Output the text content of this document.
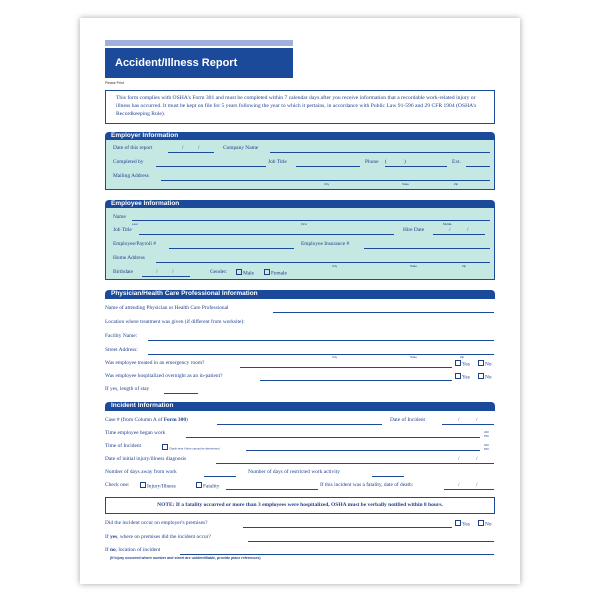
Accident/Illness Report
Please Print
This form complies with OSHA's Form 301 and must be completed within 7 calendar days after you receive information that a recordable work-related injury or illness has occurred. It must be kept on file for 5 years following the year to which it pertains, in accordance with Public Law 91-596 and 29 CFR 1904 (OSHA's Recordkeeping Rule).
Employer Information
Date of this report	/	/	Company Name
Completed by	Job Title	Phone (	)	Ext.
Mailing Address
City	State	Zip
Employee Information
Name
Last	First	Middle
Job Title	Hire Date	/	/
Employee/Payroll #	Employee Insurance #
Home Address
City	State	Zip
Birthdate	/	/	Gender:	Male	Female
Physician/Health Care Professional Information
Name of attending Physician or Health Care Professional
Location where treatment was given (if different from worksite):
Facility Name:
Street Address:
City	State	Zip
Was employee treated in an emergency room?	Yes	No
Was employee hospitalized overnight as an in-patient?	Yes	No
If yes, length of stay
Incident Information
Case # (from Column A of Form 300)	Date of Incident	/	/
Time employee began work	AM
PM
Time of Incident	Check here if time cannot be determined
AM
PM
Date of initial injury/illness diagnosis	/	/
Number of days away from work	Number of days of restricted work activity
Check one:	Injury/Illness	Fatality	If this incident was a fatality, date of death:	/	/
NOTE: If a fatality occurred or more than 3 employees were hospitalized, OSHA must be verbally notified within 8 hours.
Did the incident occur on employer's premises?	Yes	No
If yes, where on premises did the incident occur?
If no, location of incident
(If injury occurred where number and street are unidentifiable, provide place references)
